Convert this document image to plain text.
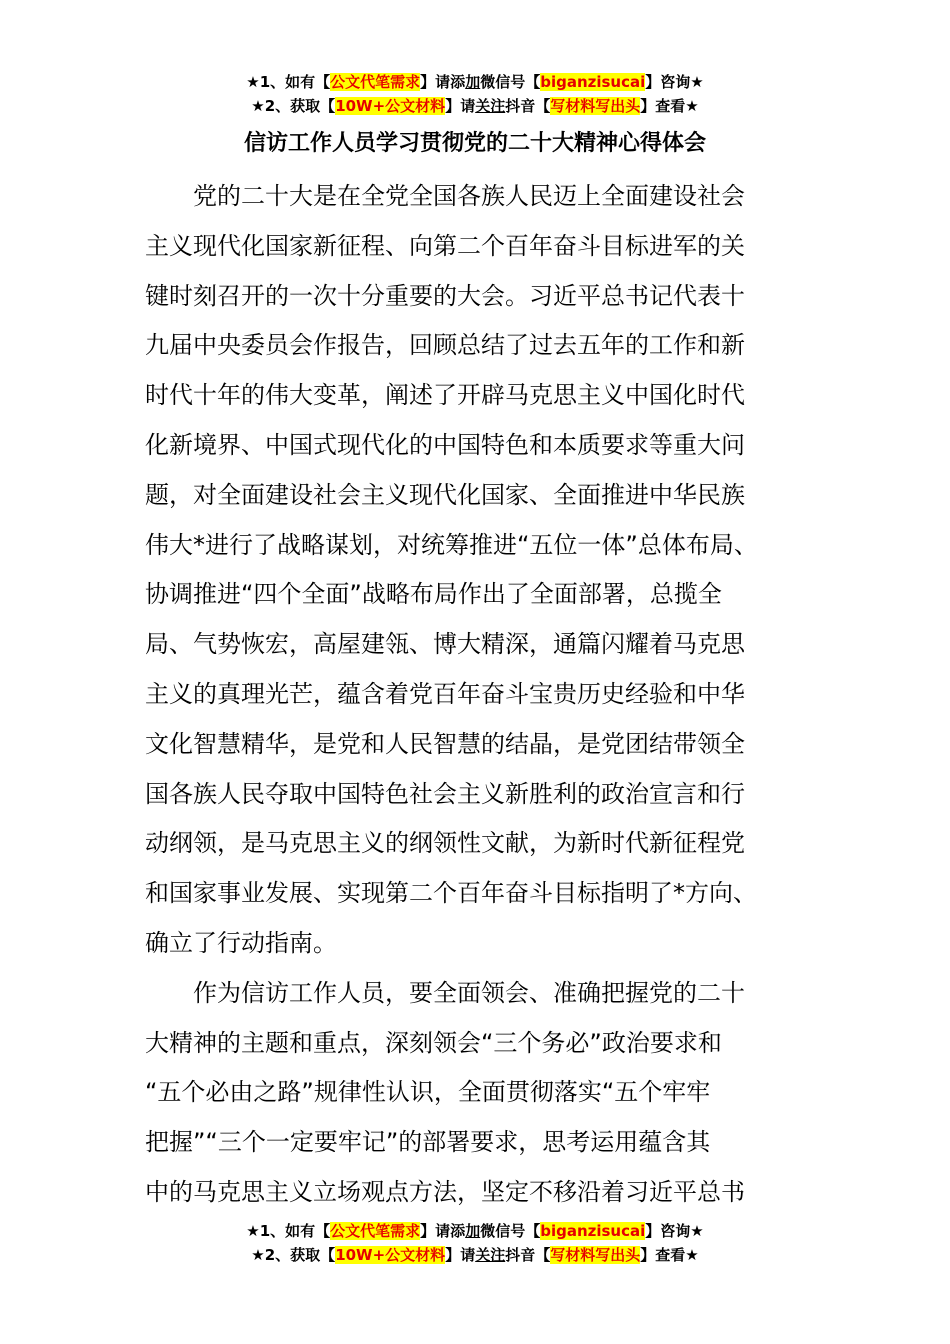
★1、如有【公文代笔需求】请添加微信号【biganzisucai】咨询★
★2、获取【10W+公文材料】请关注抖音【写材料写出头】查看★
信访工作人员学习贯彻党的二十大精神心得体会
党的二十大是在全党全国各族人民迈上全面建设社会
主义现代化国家新征程、向第二个百年奋斗目标进军的关
键时刻召开的一次十分重要的大会。习近平总书记代表十
九届中央委员会作报告，回顾总结了过去五年的工作和新
时代十年的伟大变革，阐述了开辟马克思主义中国化时代
化新境界、中国式现代化的中国特色和本质要求等重大问
题，对全面建设社会主义现代化国家、全面推进中华民族
伟大*进行了战略谋划，对统筹推进“五位一体”总体布局、
协调推进“四个全面”战略布局作出了全面部署，总揽全
局、气势恢宏，高屋建瓴、博大精深，通篇闪耀着马克思
主义的真理光芒，蕴含着党百年奋斗宝贵历史经验和中华
文化智慧精华，是党和人民智慧的结晶，是党团结带领全
国各族人民夺取中国特色社会主义新胜利的政治宣言和行
动纲领，是马克思主义的纲领性文献，为新时代新征程党
和国家事业发展、实现第二个百年奋斗目标指明了*方向、
确立了行动指南。
作为信访工作人员，要全面领会、准确把握党的二十
大精神的主题和重点，深刻领会“三个务必”政治要求和
“五个必由之路”规律性认识，全面贯彻落实“五个牢牢
把握”“三个一定要牢记”的部署要求，思考运用蕴含其
中的马克思主义立场观点方法，坚定不移沿着习近平总书
★1、如有【公文代笔需求】请添加微信号【biganzisucai】咨询★
★2、获取【10W+公文材料】请关注抖音【写材料写出头】查看★
